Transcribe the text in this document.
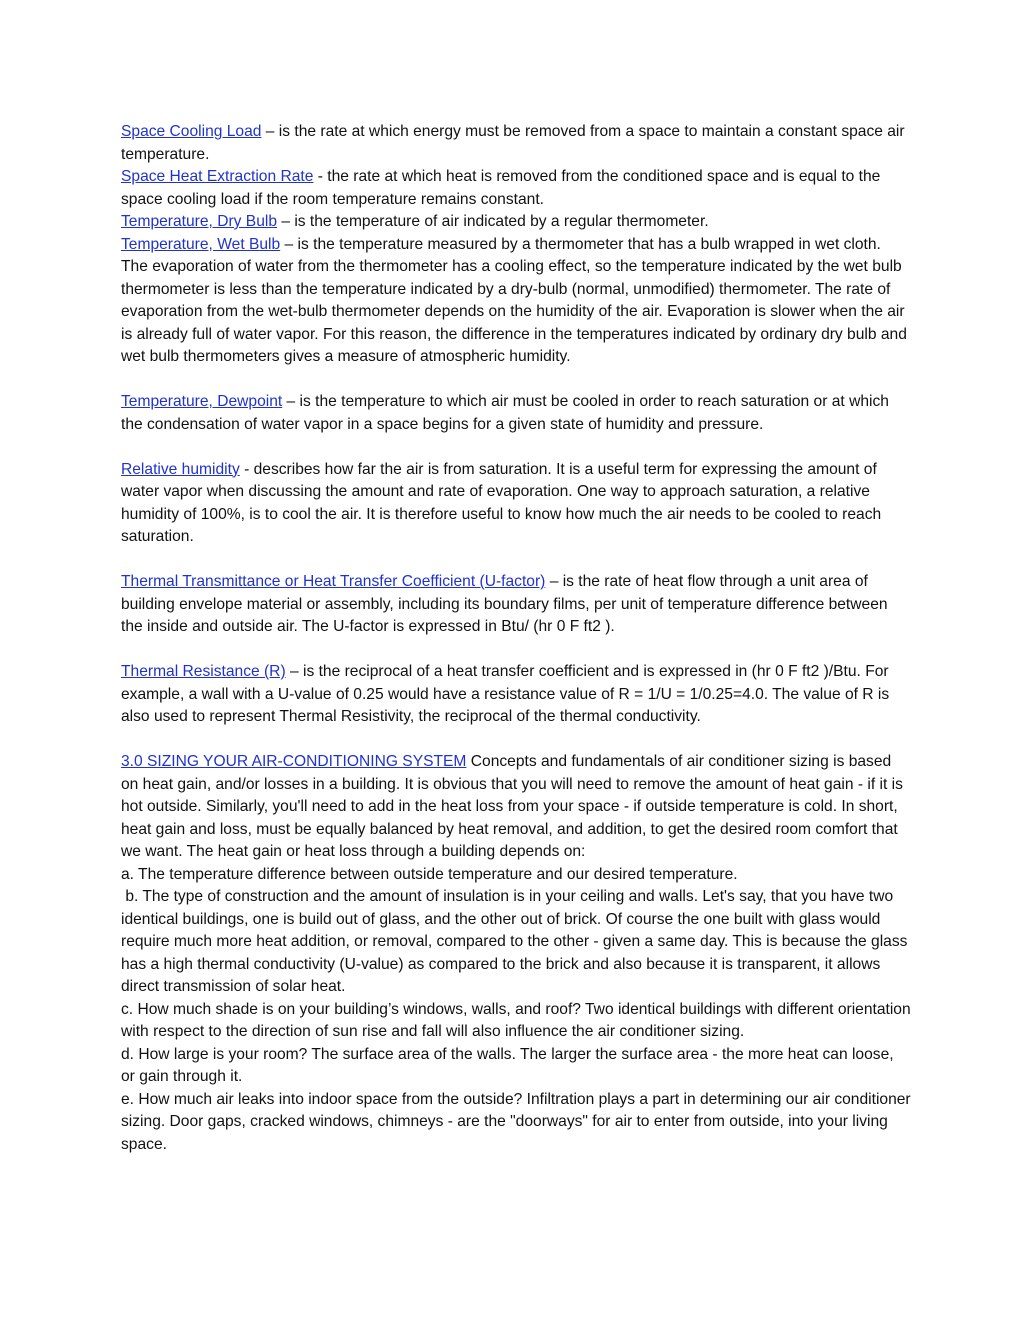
Space Cooling Load – is the rate at which energy must be removed from a space to maintain a constant space air temperature.

Space Heat Extraction Rate - the rate at which heat is removed from the conditioned space and is equal to the space cooling load if the room temperature remains constant.

Temperature, Dry Bulb – is the temperature of air indicated by a regular thermometer.

Temperature, Wet Bulb – is the temperature measured by a thermometer that has a bulb wrapped in wet cloth. The evaporation of water from the thermometer has a cooling effect, so the temperature indicated by the wet bulb thermometer is less than the temperature indicated by a dry-bulb (normal, unmodified) thermometer. The rate of evaporation from the wet-bulb thermometer depends on the humidity of the air. Evaporation is slower when the air is already full of water vapor. For this reason, the difference in the temperatures indicated by ordinary dry bulb and wet bulb thermometers gives a measure of atmospheric humidity.

Temperature, Dewpoint – is the temperature to which air must be cooled in order to reach saturation or at which the condensation of water vapor in a space begins for a given state of humidity and pressure.

Relative humidity - describes how far the air is from saturation. It is a useful term for expressing the amount of water vapor when discussing the amount and rate of evaporation. One way to approach saturation, a relative humidity of 100%, is to cool the air. It is therefore useful to know how much the air needs to be cooled to reach saturation.

Thermal Transmittance or Heat Transfer Coefficient (U-factor) – is the rate of heat flow through a unit area of building envelope material or assembly, including its boundary films, per unit of temperature difference between the inside and outside air. The U-factor is expressed in Btu/ (hr 0 F ft2 ).

Thermal Resistance (R) – is the reciprocal of a heat transfer coefficient and is expressed in (hr 0 F ft2 )/Btu. For example, a wall with a U-value of 0.25 would have a resistance value of R = 1/U = 1/0.25=4.0. The value of R is also used to represent Thermal Resistivity, the reciprocal of the thermal conductivity.

3.0 SIZING YOUR AIR-CONDITIONING SYSTEM Concepts and fundamentals of air conditioner sizing is based on heat gain, and/or losses in a building. It is obvious that you will need to remove the amount of heat gain - if it is hot outside. Similarly, you'll need to add in the heat loss from your space - if outside temperature is cold. In short, heat gain and loss, must be equally balanced by heat removal, and addition, to get the desired room comfort that we want. The heat gain or heat loss through a building depends on:

a. The temperature difference between outside temperature and our desired temperature.

b. The type of construction and the amount of insulation is in your ceiling and walls. Let's say, that you have two identical buildings, one is build out of glass, and the other out of brick. Of course the one built with glass would require much more heat addition, or removal, compared to the other - given a same day. This is because the glass has a high thermal conductivity (U-value) as compared to the brick and also because it is transparent, it allows direct transmission of solar heat.

c. How much shade is on your building’s windows, walls, and roof? Two identical buildings with different orientation with respect to the direction of sun rise and fall will also influence the air conditioner sizing.

d. How large is your room? The surface area of the walls. The larger the surface area - the more heat can loose, or gain through it.

e. How much air leaks into indoor space from the outside? Infiltration plays a part in determining our air conditioner sizing. Door gaps, cracked windows, chimneys - are the "doorways" for air to enter from outside, into your living space.
